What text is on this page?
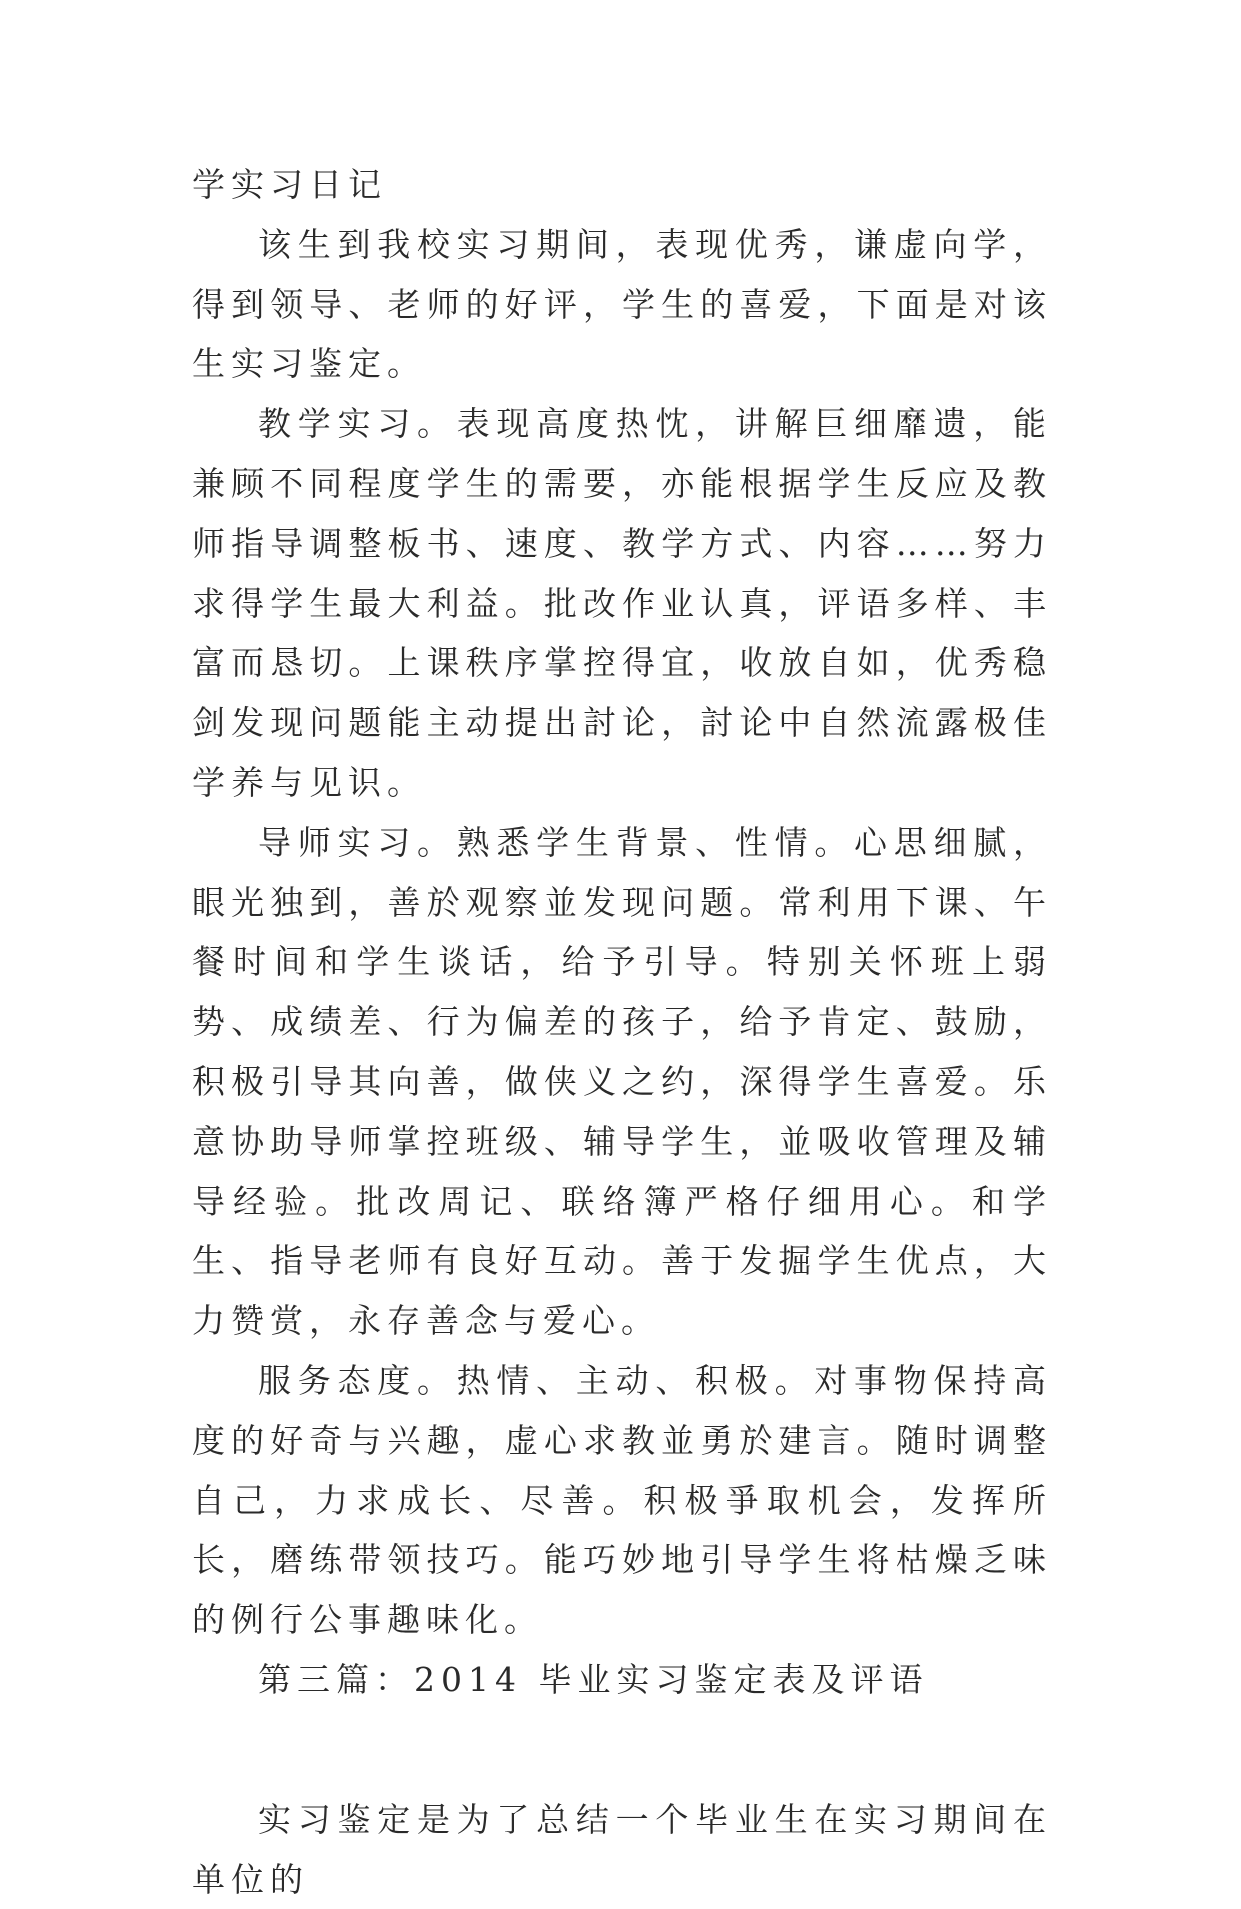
学实习日记

该生到我校实习期间，表现优秀，谦虚向学，得到领导、老师的好评，学生的喜爱，下面是对该生实习鉴定。

教学实习。表现高度热忱，讲解巨细靡遗，能兼顾不同程度学生的需要，亦能根据学生反应及教师指导调整板书、速度、教学方式、内容……努力求得学生最大利益。批改作业认真，评语多样、丰富而恳切。上课秩序掌控得宜，收放自如，优秀稳剑发现问题能主动提出討论，討论中自然流露极佳学养与见识。

导师实习。熟悉学生背景、性情。心思细腻，眼光独到，善於观察並发现问题。常利用下课、午餐时间和学生谈话，给予引导。特别关怀班上弱势、成绩差、行为偏差的孩子，给予肯定、鼓励，积极引导其向善，做侠义之约，深得学生喜爱。乐意协助导师掌控班级、辅导学生，並吸收管理及辅导经验。批改周记、联络簿严格仔细用心。和学生、指导老师有良好互动。善于发掘学生优点，大力赞赏，永存善念与爱心。

服务态度。热情、主动、积极。对事物保持高度的好奇与兴趣，虚心求教並勇於建言。随时调整自己，力求成长、尽善。积极爭取机会，发挥所长，磨练带领技巧。能巧妙地引导学生将枯燥乏味的例行公事趣味化。

第三篇：2014 毕业实习鉴定表及评语

实习鉴定是为了总结一个毕业生在实习期间在单位的
